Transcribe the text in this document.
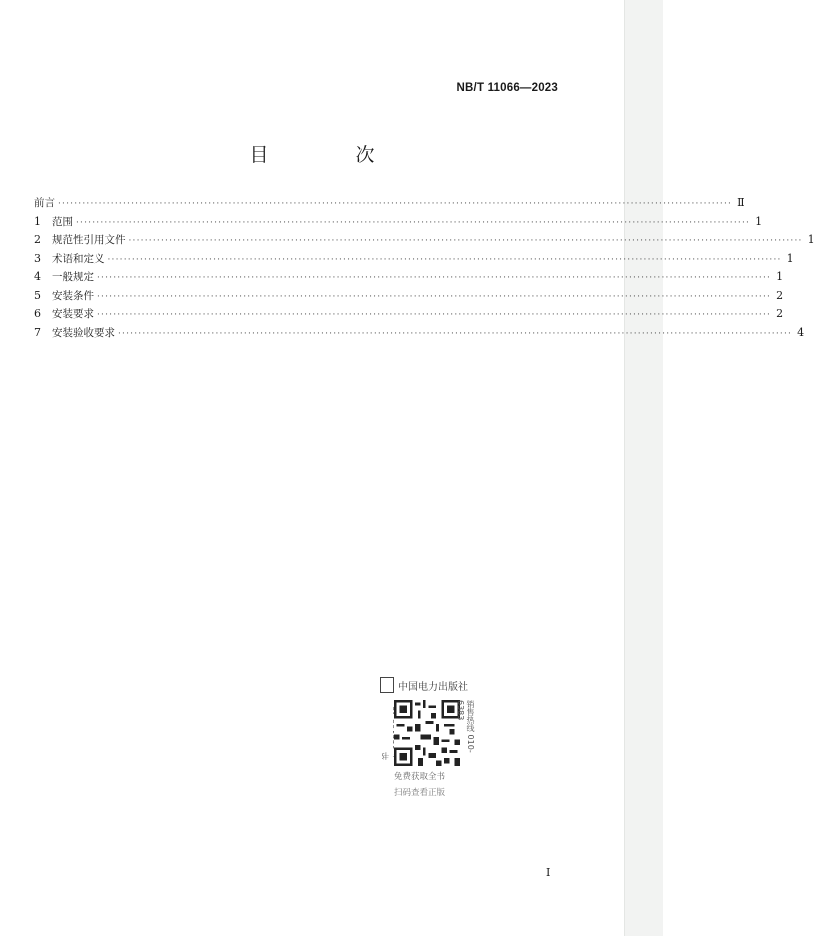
NB/T 11066—2023
目　次
前言 ······································································································································································ Ⅱ
1	范围 ······································································································································································ 1
2	规范性引用文件 ······································································································································································ 1
3	术语和定义 ······································································································································································ 1
4	一般规定 ······································································································································································ 1
5	安装条件 ······································································································································································ 2
6	安装要求 ······································································································································································ 2
7	安装验收要求 ······································································································································································ 4
中国电力出版社
书
销售热线 010-6383
免费获取全书
扫码查看正版
I
